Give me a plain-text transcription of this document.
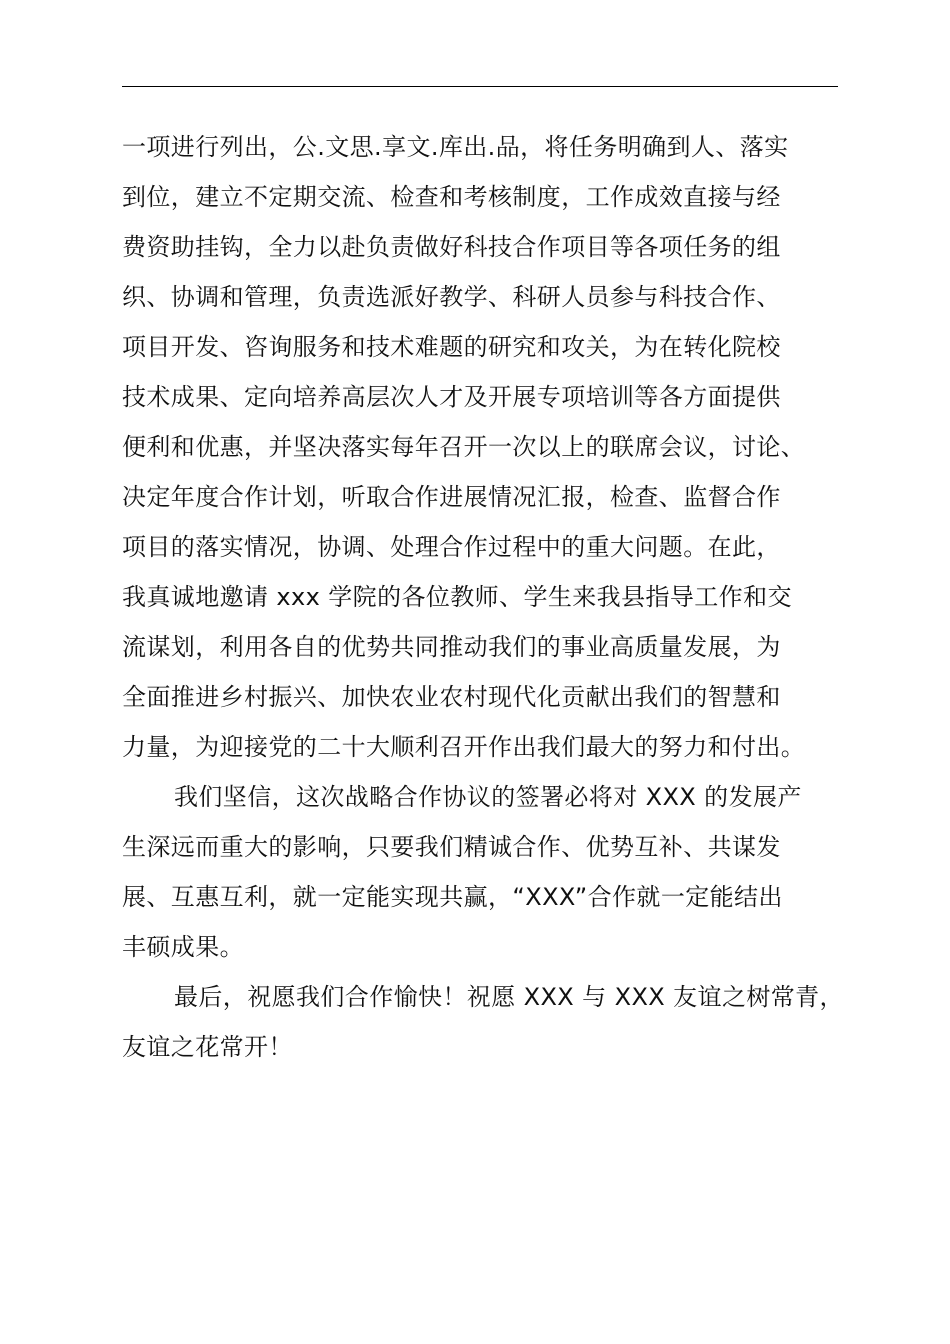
一项进行列出，公.文思.享文.库出.品，将任务明确到人、落实
到位，建立不定期交流、检查和考核制度，工作成效直接与经
费资助挂钩，全力以赴负责做好科技合作项目等各项任务的组
织、协调和管理，负责选派好教学、科研人员参与科技合作、
项目开发、咨询服务和技术难题的研究和攻关，为在转化院校
技术成果、定向培养高层次人才及开展专项培训等各方面提供
便利和优惠，并坚决落实每年召开一次以上的联席会议，讨论、
决定年度合作计划，听取合作进展情况汇报，检查、监督合作
项目的落实情况，协调、处理合作过程中的重大问题。在此，
我真诚地邀请 xxx 学院的各位教师、学生来我县指导工作和交
流谋划，利用各自的优势共同推动我们的事业高质量发展，为
全面推进乡村振兴、加快农业农村现代化贡献出我们的智慧和
力量，为迎接党的二十大顺利召开作出我们最大的努力和付出。
我们坚信，这次战略合作协议的签署必将对 XXX 的发展产
生深远而重大的影响，只要我们精诚合作、优势互补、共谋发
展、互惠互利，就一定能实现共赢，“XXX”合作就一定能结出
丰硕成果。
最后，祝愿我们合作愉快！祝愿 XXX 与 XXX 友谊之树常青，
友谊之花常开！
